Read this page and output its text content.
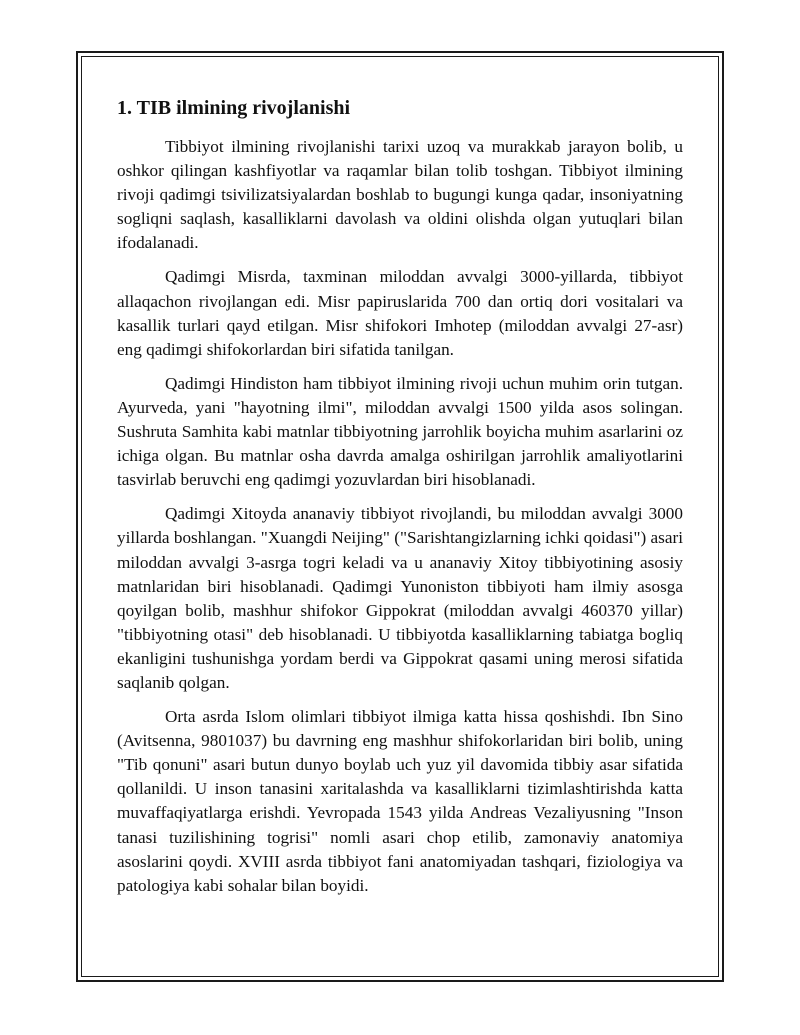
1. TIB ilmining rivojlanishi

Tibbiyot ilmining rivojlanishi tarixi uzoq va murakkab jarayon bolib, u oshkor qilingan kashfiyotlar va raqamlar bilan tolib toshgan. Tibbiyot ilmining rivoji qadimgi tsivilizatsiyalardan boshlab to bugungi kunga qadar, insoniyatning sogliqni saqlash, kasalliklarni davolash va oldini olishda olgan yutuqlari bilan ifodalanadi.

Qadimgi Misrda, taxminan miloddan avvalgi 3000-yillarda, tibbiyot allaqachon rivojlangan edi. Misr papiruslarida 700 dan ortiq dori vositalari va kasallik turlari qayd etilgan. Misr shifokori Imhotep (miloddan avvalgi 27-asr) eng qadimgi shifokorlardan biri sifatida tanilgan.

Qadimgi Hindiston ham tibbiyot ilmining rivoji uchun muhim orin tutgan. Ayurveda, yani "hayotning ilmi", miloddan avvalgi 1500 yilda asos solingan. Sushruta Samhita kabi matnlar tibbiyotning jarrohlik boyicha muhim asarlarini oz ichiga olgan. Bu matnlar osha davrda amalga oshirilgan jarrohlik amaliyotlarini tasvirlab beruvchi eng qadimgi yozuvlardan biri hisoblanadi.

Qadimgi Xitoyda ananaviy tibbiyot rivojlandi, bu miloddan avvalgi 3000 yillarda boshlangan. "Xuangdi Neijing" ("Sarishtangizlarning ichki qoidasi") asari miloddan avvalgi 3-asrga togri keladi va u ananaviy Xitoy tibbiyotining asosiy matnlaridan biri hisoblanadi. Qadimgi Yunoniston tibbiyoti ham ilmiy asosga qoyilgan bolib, mashhur shifokor Gippokrat (miloddan avvalgi 460370 yillar) "tibbiyotning otasi" deb hisoblanadi. U tibbiyotda kasalliklarning tabiatga bogliq ekanligini tushunishga yordam berdi va Gippokrat qasami uning merosi sifatida saqlanib qolgan.

Orta asrda Islom olimlari tibbiyot ilmiga katta hissa qoshishdi. Ibn Sino (Avitsenna, 9801037) bu davrning eng mashhur shifokorlaridan biri bolib, uning "Tib qonuni" asari butun dunyo boylab uch yuz yil davomida tibbiy asar sifatida qollanildi. U inson tanasini xaritalashda va kasalliklarni tizimlashtirishda katta muvaffaqiyatlarga erishdi. Yevropada 1543 yilda Andreas Vezaliyusning "Inson tanasi tuzilishining togrisi" nomli asari chop etilib, zamonaviy anatomiya asoslarini qoydi. XVIII asrda tibbiyot fani anatomiyadan tashqari, fiziologiya va patologiya kabi sohalar bilan boyidi.
